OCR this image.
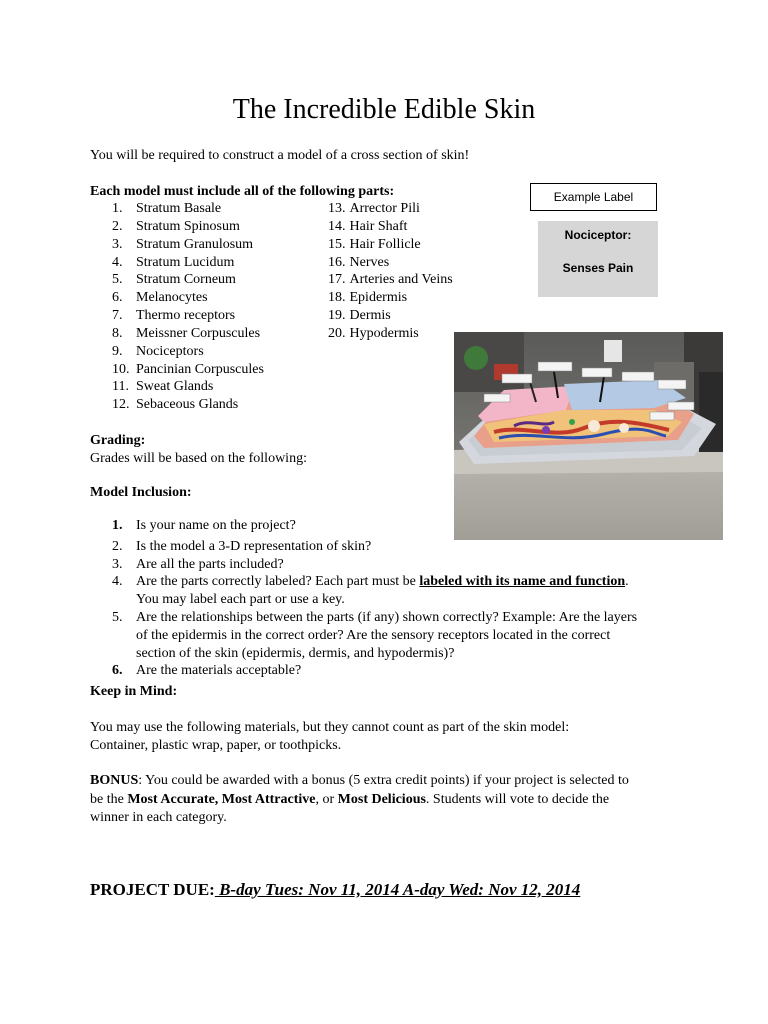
The Incredible Edible Skin
You will be required to construct a model of a cross section of skin!
Each model must include all of the following parts:
1. Stratum Basale
2. Stratum Spinosum
3. Stratum Granulosum
4. Stratum Lucidum
5. Stratum Corneum
6. Melanocytes
7. Thermo receptors
8. Meissner Corpuscules
9. Nociceptors
10. Pancinian Corpuscules
11. Sweat Glands
12. Sebaceous Glands
13. Arrector Pili
14. Hair Shaft
15. Hair Follicle
16. Nerves
17. Arteries and Veins
18. Epidermis
19. Dermis
20. Hypodermis
Example Label
Nociceptor:
Senses Pain
Grading:
Grades will be based on the following:
Model Inclusion:
1. Is your name on the project?
2. Is the model a 3-D representation of skin?
3. Are all the parts included?
4. Are the parts correctly labeled? Each part must be labeled with its name and function.
You may label each part or use a key.
5. Are the relationships between the parts (if any) shown correctly? Example: Are the layers
of the epidermis in the correct order? Are the sensory receptors located in the correct
section of the skin (epidermis, dermis, and hypodermis)?
6. Are the materials acceptable?
Keep in Mind:
You may use the following materials, but they cannot count as part of the skin model:
Container, plastic wrap, paper, or toothpicks.
BONUS: You could be awarded with a bonus (5 extra credit points) if your project is selected to
be the Most Accurate, Most Attractive, or Most Delicious. Students will vote to decide the
winner in each category.
PROJECT DUE: B-day Tues: Nov 11, 2014 A-day Wed: Nov 12, 2014
